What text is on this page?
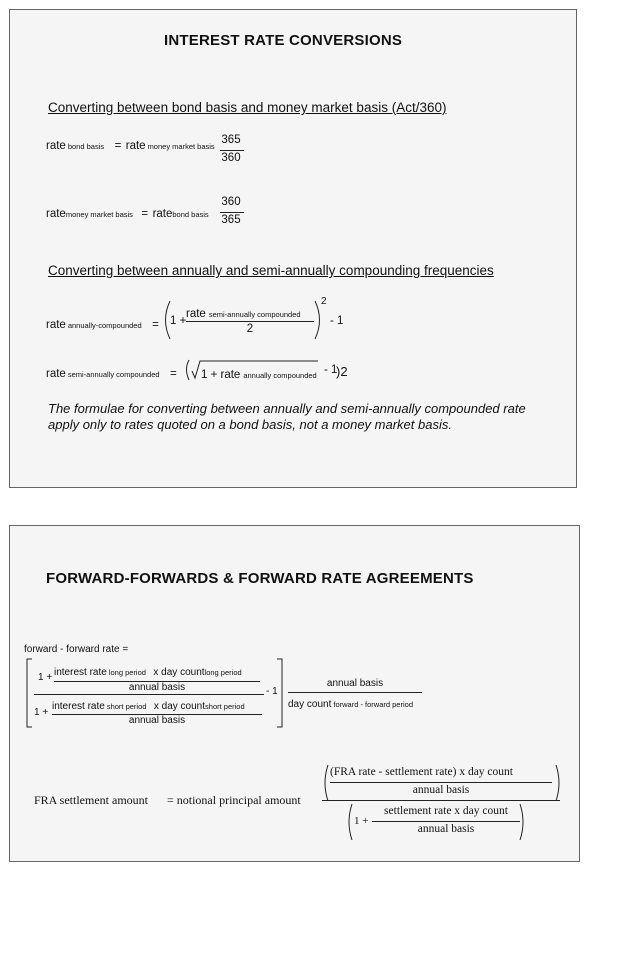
INTEREST RATE CONVERSIONS
Converting between bond basis and money market basis (Act/360)
rate bond basis = rate money market basis
365
360
ratemoney market basis = ratebond basis
360
365
Converting between annually and semi-annually compounding frequencies
rate annually-compounded = 1 +
rate semi-annually compounded
2
2
- 1
rate semi-annually compounded = 1 + rate annually compounded - 1
)2
The formulae for converting between annually and semi-annually compounded rate apply only to rates quoted on a bond basis, not a money market basis.
FORWARD-FORWARDS & FORWARD RATE AGREEMENTS
forward - forward rate =
1 + interest rate long period x day countlong period
annual basis
1 +
interest rate short period x day countshort period
annual basis
- 1
annual basis
day count forward - forward period
FRA settlement amount = notional principal amount
(FRA rate - settlement rate) x day count
annual basis
1 +
settlement rate x day count
annual basis
